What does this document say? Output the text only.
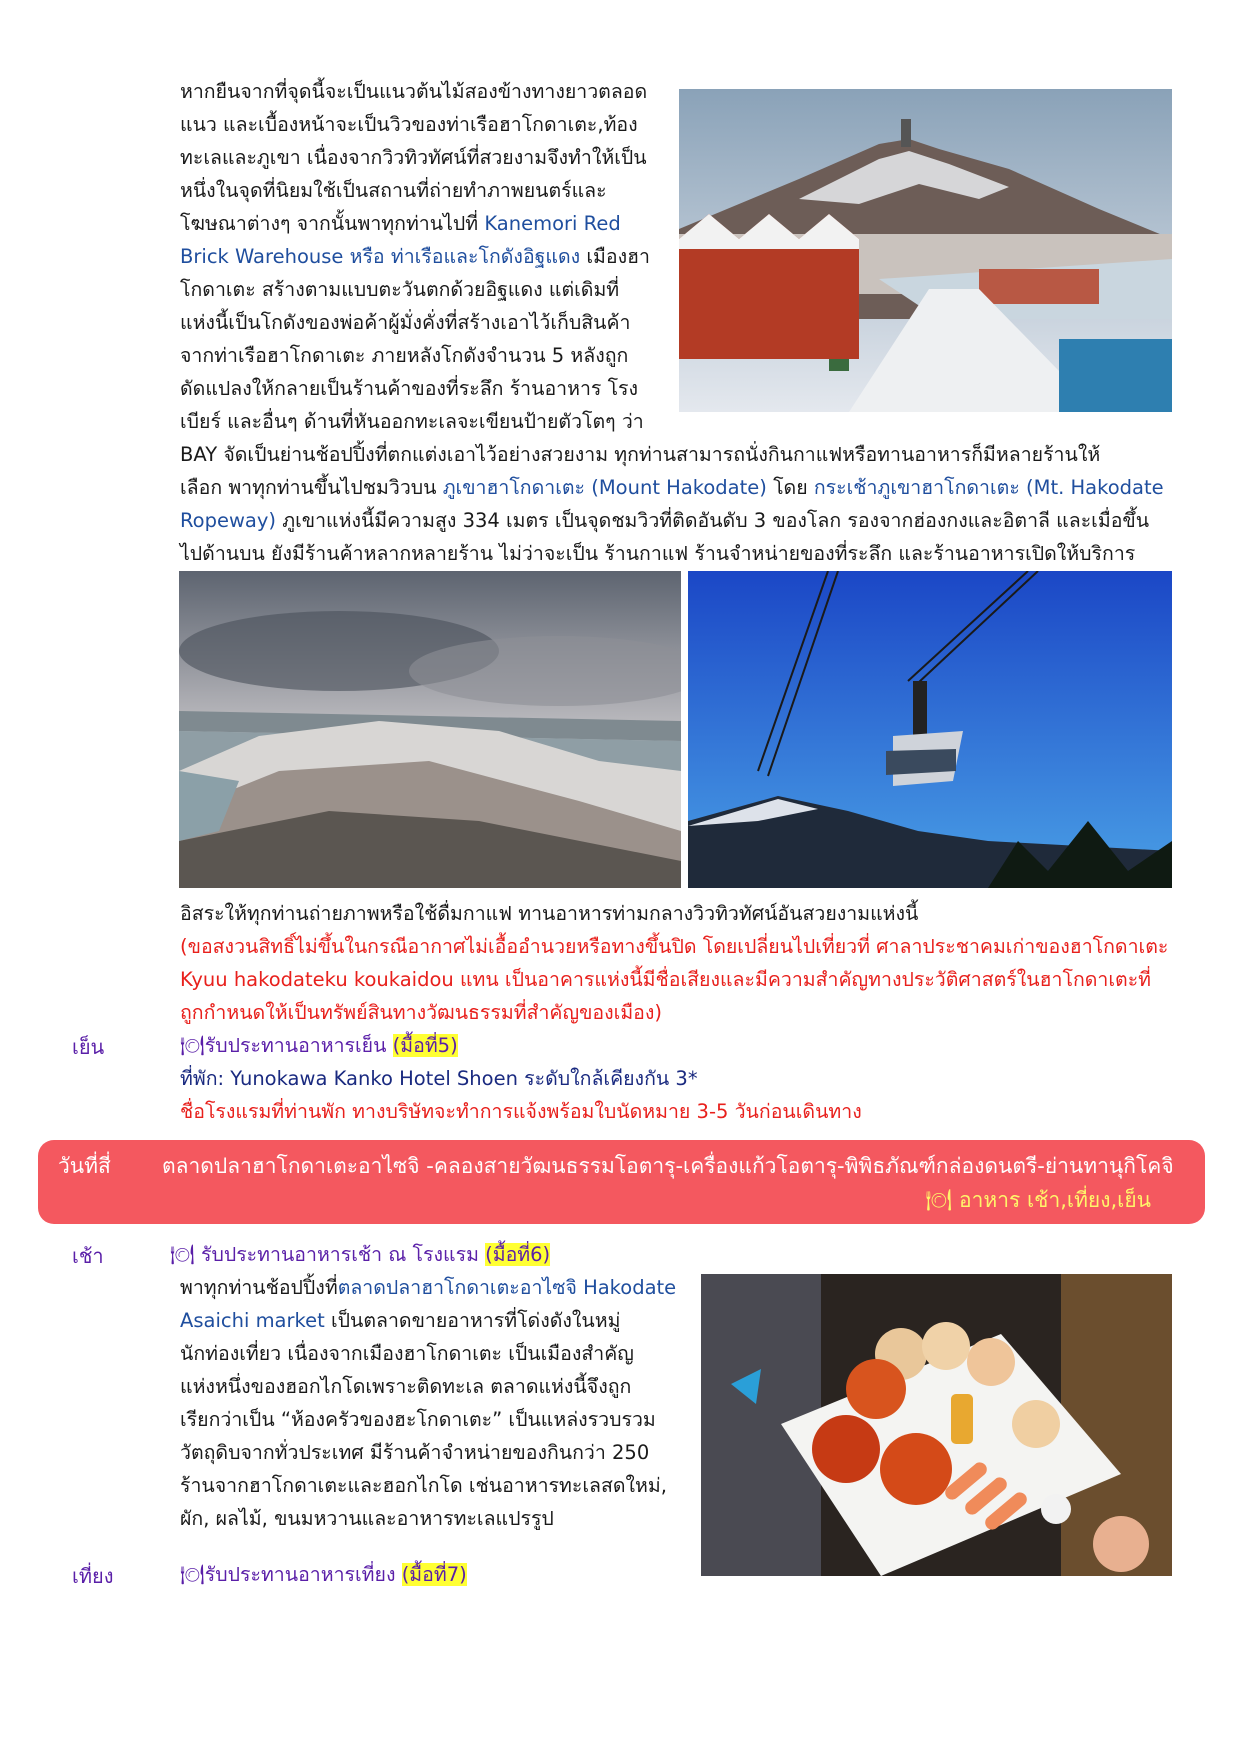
หากยืนจากที่จุดนี้จะเป็นแนวต้นไม้สองข้างทางยาวตลอด
แนว และเบื้องหน้าจะเป็นวิวของท่าเรือฮาโกดาเตะ,ท้อง
ทะเลและภูเขา เนื่องจากวิวทิวทัศน์ที่สวยงามจึงทำให้เป็น
หนึ่งในจุดที่นิยมใช้เป็นสถานที่ถ่ายทำภาพยนตร์และ
โฆษณาต่างๆ จากนั้นพาทุกท่านไปที่ Kanemori Red
Brick Warehouse หรือ ท่าเรือและโกดังอิฐแดง เมืองฮา
โกดาเตะ สร้างตามแบบตะวันตกด้วยอิฐแดง แต่เดิมที่
แห่งนี้เป็นโกดังของพ่อค้าผู้มั่งคั่งที่สร้างเอาไว้เก็บสินค้า
จากท่าเรือฮาโกดาเตะ ภายหลังโกดังจำนวน 5 หลังถูก
ดัดแปลงให้กลายเป็นร้านค้าของที่ระลึก ร้านอาหาร โรง
เบียร์ และอื่นๆ ด้านที่หันออกทะเลจะเขียนป้ายตัวโตๆ ว่า
BAY จัดเป็นย่านช้อปปิ้งที่ตกแต่งเอาไว้อย่างสวยงาม ทุกท่านสามารถนั่งกินกาแฟหรือทานอาหารก็มีหลายร้านให้
เลือก พาทุกท่านขึ้นไปชมวิวบน ภูเขาฮาโกดาเตะ (Mount Hakodate) โดย กระเช้าภูเขาฮาโกดาเตะ (Mt. Hakodate
Ropeway) ภูเขาแห่งนี้มีความสูง 334 เมตร เป็นจุดชมวิวที่ติดอันดับ 3 ของโลก รองจากฮ่องกงและอิตาลี และเมื่อขึ้น
ไปด้านบน ยังมีร้านค้าหลากหลายร้าน ไม่ว่าจะเป็น ร้านกาแฟ ร้านจำหน่ายของที่ระลึก และร้านอาหารเปิดให้บริการ
อิสระให้ทุกท่านถ่ายภาพหรือใช้ดื่มกาแฟ ทานอาหารท่ามกลางวิวทิวทัศน์อันสวยงามแห่งนี้
(ขอสงวนสิทธิ์ไม่ขึ้นในกรณีอากาศไม่เอื้ออำนวยหรือทางขึ้นปิด โดยเปลี่ยนไปเที่ยวที่ ศาลาประชาคมเก่าของฮาโกดาเตะ
Kyuu hakodateku koukaidou แทน เป็นอาคารแห่งนี้มีชื่อเสียงและมีความสำคัญทางประวัติศาสตร์ในฮาโกดาเตะที่
ถูกกำหนดให้เป็นทรัพย์สินทางวัฒนธรรมที่สำคัญของเมือง)
เย็น	🍽รับประทานอาหารเย็น (มื้อที่5)
ที่พัก: Yunokawa Kanko Hotel Shoen ระดับใกล้เคียงกัน 3*
ชื่อโรงแรมที่ท่านพัก ทางบริษัทจะทำการแจ้งพร้อมใบนัดหมาย 3-5 วันก่อนเดินทาง
วันที่สี่ ตลาดปลาฮาโกดาเตะอาไซจิ -คลองสายวัฒนธรรมโอตารุ-เครื่องแก้วโอตารุ-พิพิธภัณฑ์กล่องดนตรี-ย่านทานุกิโคจิ
🍽 อาหาร เช้า,เที่ยง,เย็น
เช้า	🍽 รับประทานอาหารเช้า ณ โรงแรม (มื้อที่6)
พาทุกท่านช้อปปิ้งที่ตลาดปลาฮาโกดาเตะอาไซจิ Hakodate
Asaichi market เป็นตลาดขายอาหารที่โด่งดังในหมู่
นักท่องเที่ยว เนื่องจากเมืองฮาโกดาเตะ เป็นเมืองสำคัญ
แห่งหนึ่งของฮอกไกโดเพราะติดทะเล ตลาดแห่งนี้จึงถูก
เรียกว่าเป็น “ห้องครัวของฮะโกดาเตะ” เป็นแหล่งรวบรวม
วัตถุดิบจากทั่วประเทศ มีร้านค้าจำหน่ายของกินกว่า 250
ร้านจากฮาโกดาเตะและฮอกไกโด เช่นอาหารทะเลสดใหม่,
ผัก, ผลไม้, ขนมหวานและอาหารทะเลแปรรูป
เที่ยง	🍽รับประทานอาหารเที่ยง (มื้อที่7)
